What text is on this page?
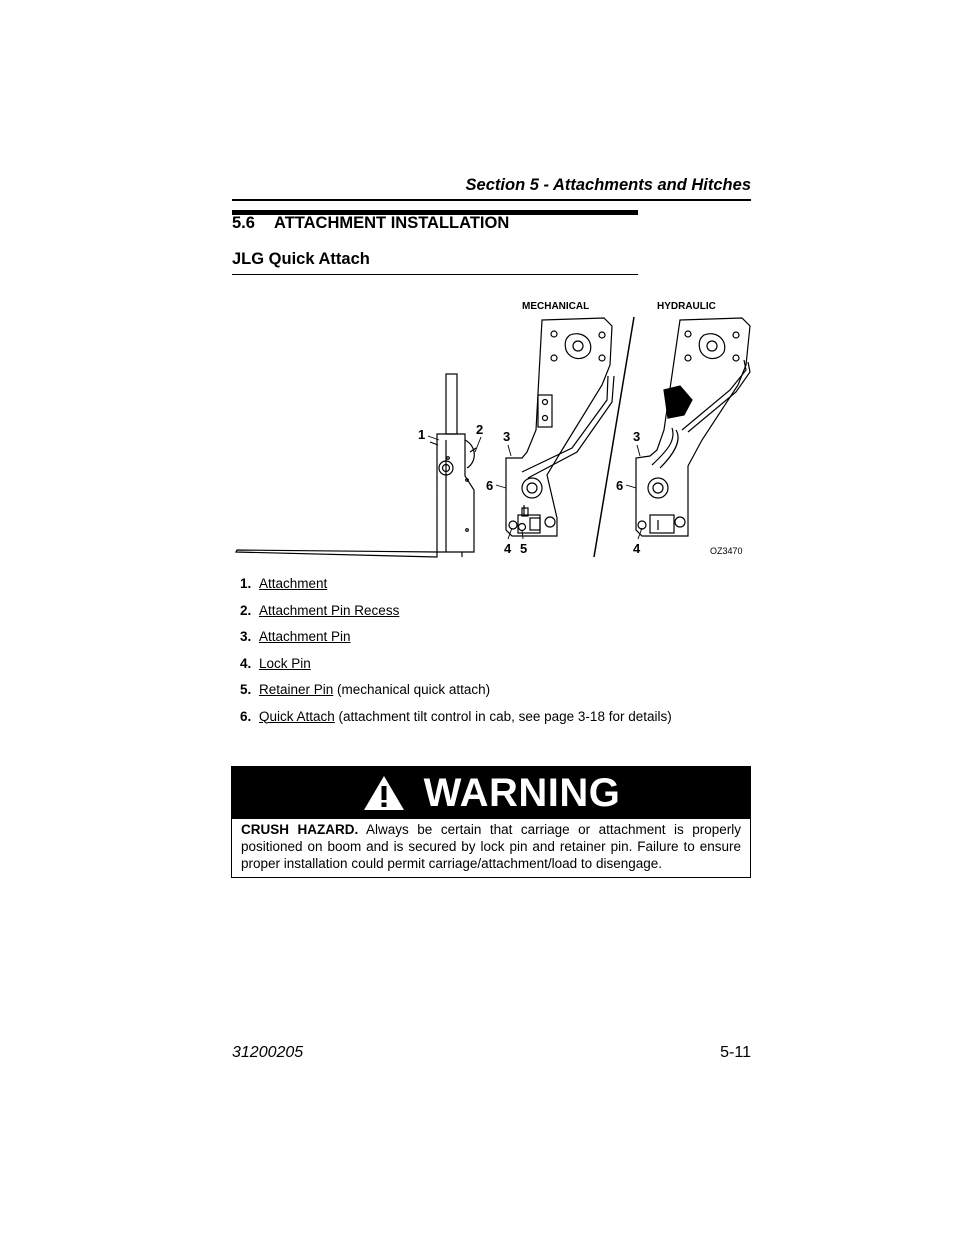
Section 5 - Attachments and Hitches
5.6 ATTACHMENT INSTALLATION
JLG Quick Attach
MECHANICAL	HYDRAULIC
1	2 3
6
4 5
3
6
4	OZ3470
1. Attachment
2. Attachment Pin Recess
3. Attachment Pin
4. Lock Pin
5. Retainer Pin (mechanical quick attach)
6. Quick Attach (attachment tilt control in cab, see page 3-18 for details)
WARNING
CRUSH HAZARD. Always be certain that carriage or attachment is properly positioned on boom and is secured by lock pin and retainer pin. Failure to ensure proper installation could permit carriage/attachment/load to disengage.
31200205	5-11
